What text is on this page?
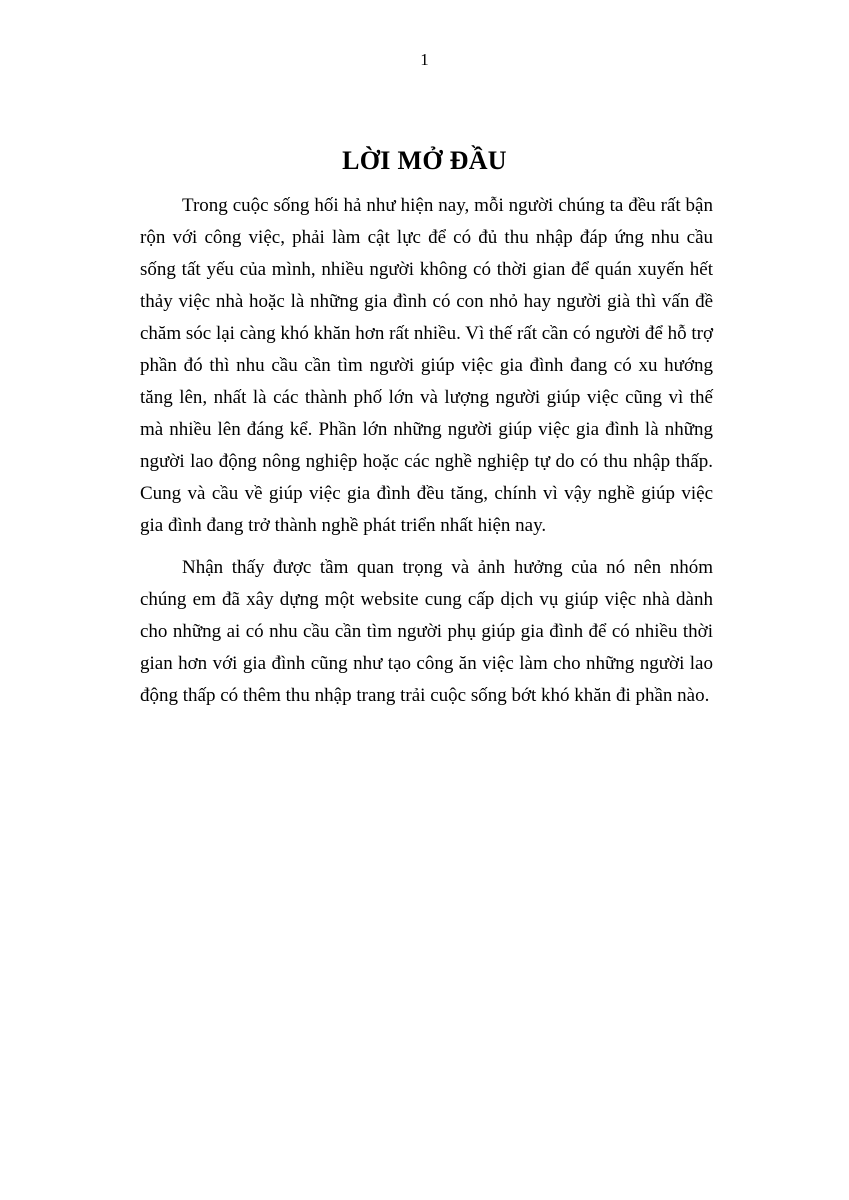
1
LỜI MỞ ĐẦU

Trong cuộc sống hối hả như hiện nay, mỗi người chúng ta đều rất bận rộn với công việc, phải làm cật lực để có đủ thu nhập đáp ứng nhu cầu sống tất yếu của mình, nhiều người không có thời gian để quán xuyến hết thảy việc nhà hoặc là những gia đình có con nhỏ hay người già thì vấn đề chăm sóc lại càng khó khăn hơn rất nhiều. Vì thế rất cần có người để hỗ trợ phần đó thì nhu cầu cần tìm người giúp việc gia đình đang có xu hướng tăng lên, nhất là các thành phố lớn và lượng người giúp việc cũng vì thế mà nhiều lên đáng kể. Phần lớn những người giúp việc gia đình là những người lao động nông nghiệp hoặc các nghề nghiệp tự do có thu nhập thấp. Cung và cầu về giúp việc gia đình đều tăng, chính vì vậy nghề giúp việc gia đình đang trở thành nghề phát triển nhất hiện nay.

Nhận thấy được tầm quan trọng và ảnh hưởng của nó nên nhóm chúng em đã xây dựng một website cung cấp dịch vụ giúp việc nhà dành cho những ai có nhu cầu cần tìm người phụ giúp gia đình để có nhiều thời gian hơn với gia đình cũng như tạo công ăn việc làm cho những người lao động thấp có thêm thu nhập trang trải cuộc sống bớt khó khăn đi phần nào.
